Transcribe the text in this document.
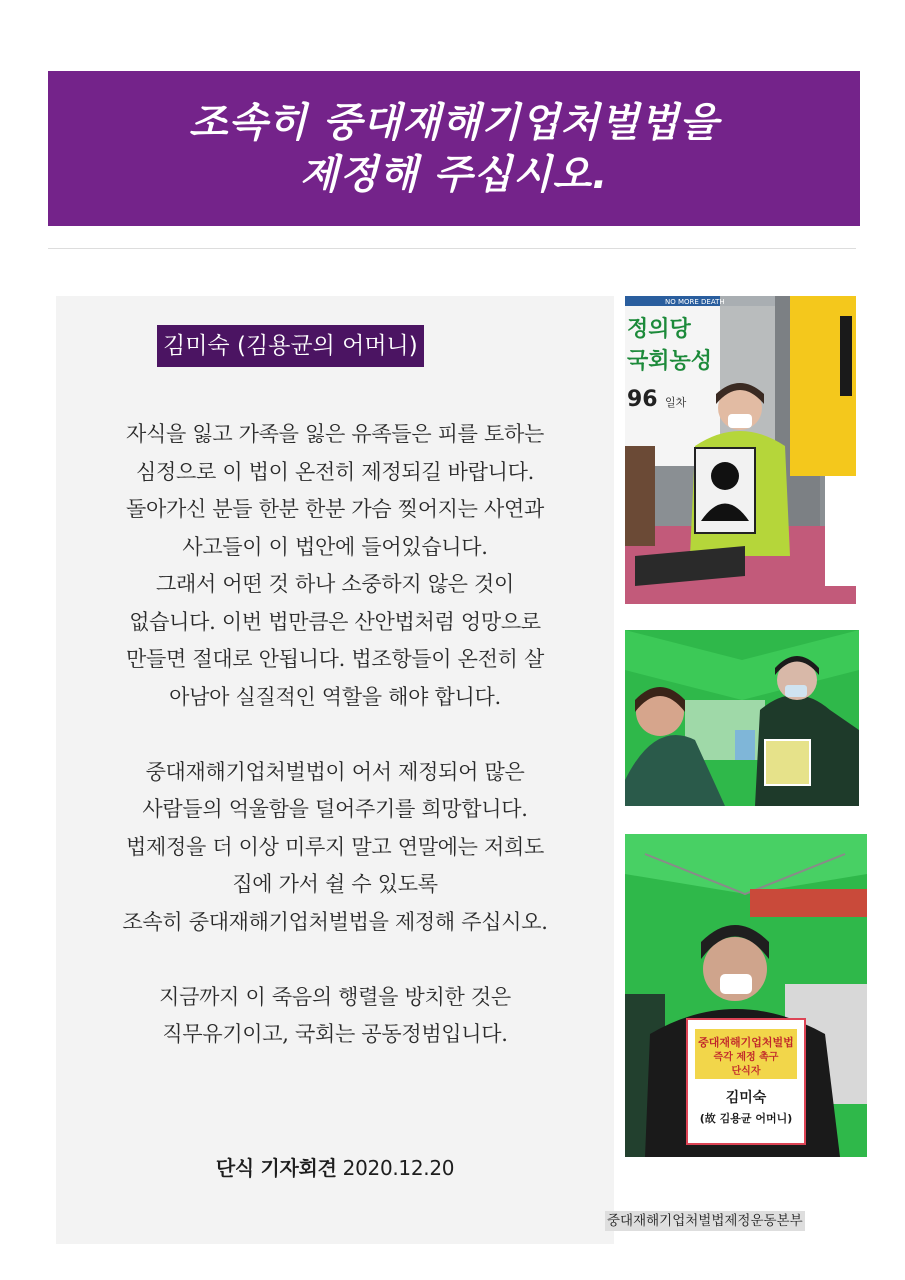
조속히 중대재해기업처벌법을
제정해 주십시오.
김미숙 (김용균의 어머니)
자식을 잃고 가족을 잃은 유족들은 피를 토하는
심정으로 이 법이 온전히 제정되길 바랍니다.
돌아가신 분들 한분 한분 가슴 찢어지는 사연과
사고들이 이 법안에 들어있습니다.
그래서 어떤 것 하나 소중하지 않은 것이
없습니다. 이번 법만큼은 산안법처럼 엉망으로
만들면 절대로 안됩니다. 법조항들이 온전히 살
아남아 실질적인 역할을 해야 합니다.
중대재해기업처벌법이 어서 제정되어 많은
사람들의 억울함을 덜어주기를 희망합니다.
법제정을 더 이상 미루지 말고 연말에는 저희도
집에 가서 쉴 수 있도록
조속히 중대재해기업처벌법을 제정해 주십시오.
지금까지 이 죽음의 행렬을 방치한 것은
직무유기이고, 국회는 공동정범입니다.
단식 기자회견 2020.12.20
NO MORE DEATH
정의당
국회농성
96 일차
중대재해기업처벌법
즉각 제정 촉구
단식자
김미숙
(故 김용균 어머니)
중대재해기업처벌법제정운동본부
